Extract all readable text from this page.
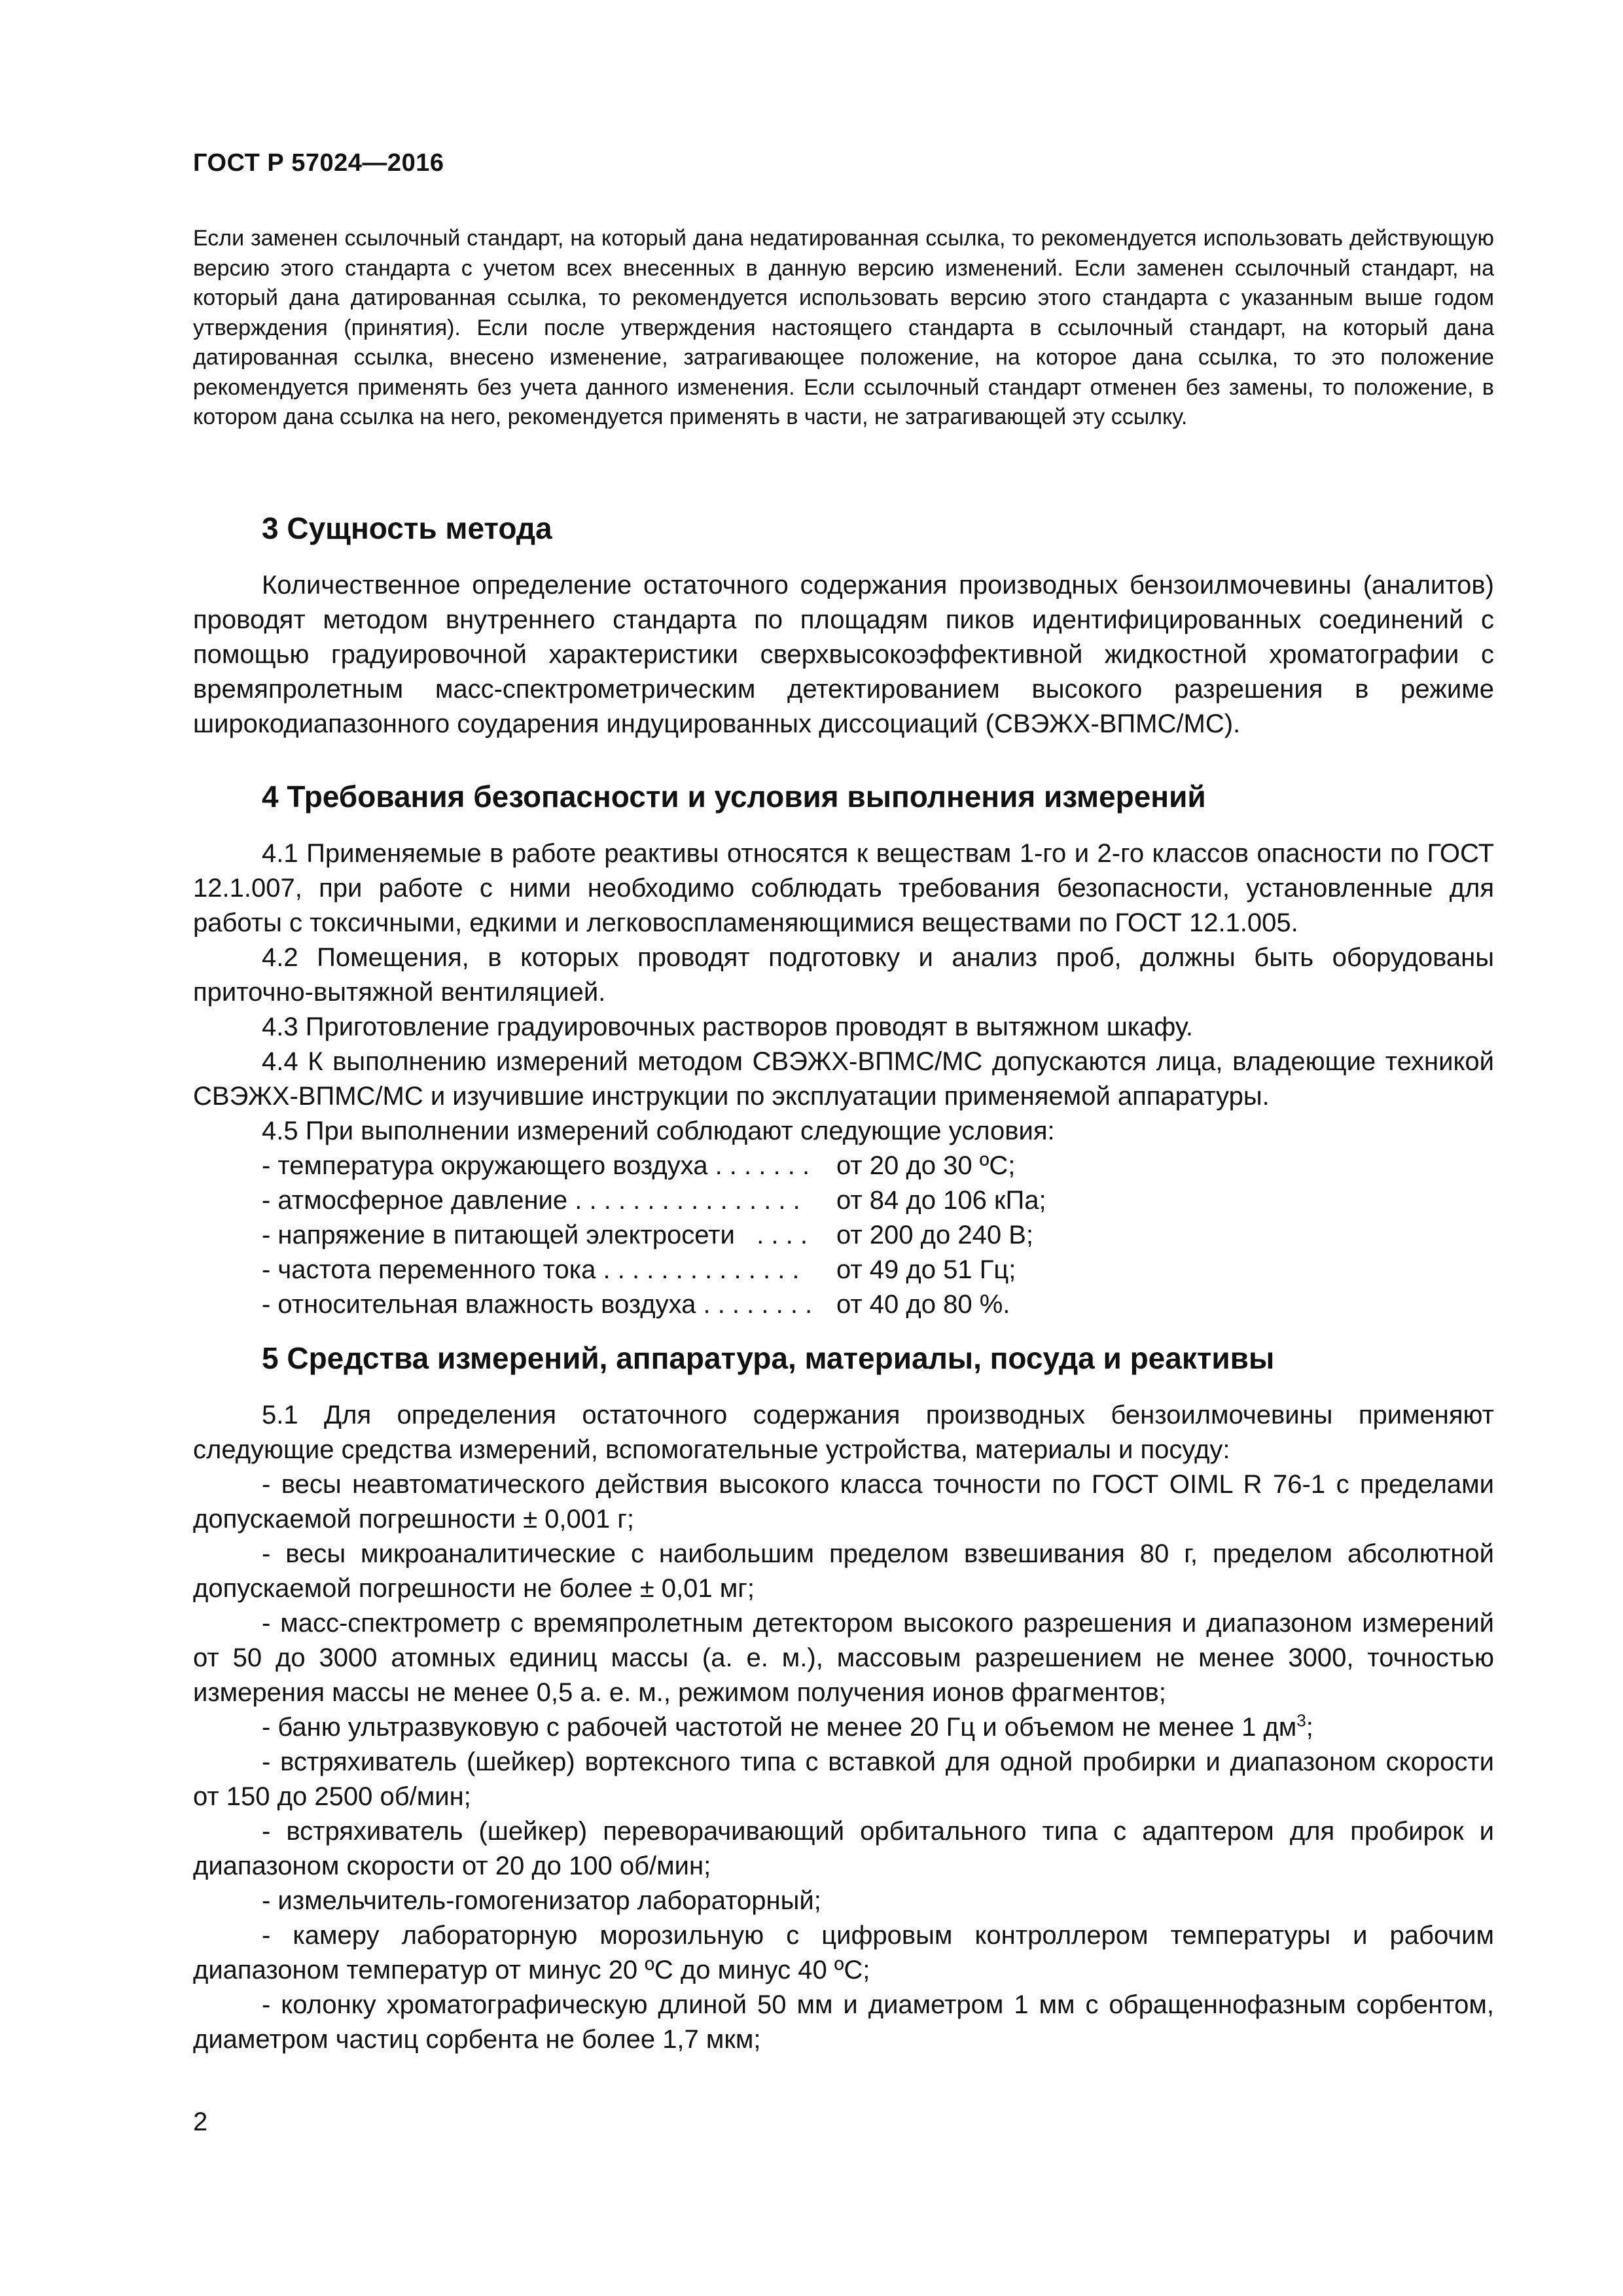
ГОСТ Р 57024—2016

Если заменен ссылочный стандарт, на который дана недатированная ссылка, то рекомендуется использовать действующую версию этого стандарта с учетом всех внесенных в данную версию изменений. Если заменен ссылочный стандарт, на который дана датированная ссылка, то рекомендуется использовать версию этого стандарта с указанным выше годом утверждения (принятия). Если после утверждения настоящего стандарта в ссылочный стандарт, на который дана датированная ссылка, внесено изменение, затрагивающее положение, на которое дана ссылка, то это положение рекомендуется применять без учета данного изменения. Если ссылочный стандарт отменен без замены, то положение, в котором дана ссылка на него, рекомендуется применять в части, не затрагивающей эту ссылку.

3 Сущность метода

Количественное определение остаточного содержания производных бензоилмочевины (аналитов) проводят методом внутреннего стандарта по площадям пиков идентифицированных соединений с помощью градуировочной характеристики сверхвысокоэффективной жидкостной хроматографии с времяпролетным масс-спектрометрическим детектированием высокого разрешения в режиме широкодиапазонного соударения индуцированных диссоциаций (СВЭЖХ-ВПМС/МС).

4 Требования безопасности и условия выполнения измерений

4.1 Применяемые в работе реактивы относятся к веществам 1-го и 2-го классов опасности по ГОСТ 12.1.007, при работе с ними необходимо соблюдать требования безопасности, установленные для работы с токсичными, едкими и легковоспламеняющимися веществами по ГОСТ 12.1.005.

4.2 Помещения, в которых проводят подготовку и анализ проб, должны быть оборудованы приточно-вытяжной вентиляцией.

4.3 Приготовление градуировочных растворов проводят в вытяжном шкафу.

4.4 К выполнению измерений методом СВЭЖХ-ВПМС/МС допускаются лица, владеющие техникой СВЭЖХ-ВПМС/МС и изучившие инструкции по эксплуатации применяемой аппаратуры.

4.5 При выполнении измерений соблюдают следующие условия:

- температура окружающего воздуха . . . . . . .	от 20 до 30 ºС;
- атмосферное давление . . . . . . . . . . . . . . . .	от 84 до 106 кПа;
- напряжение в питающей электросети   . . . .	от 200 до 240 В;
- частота переменного тока . . . . . . . . . . . . . .	от 49 до 51 Гц;
- относительная влажность воздуха . . . . . . . . от 40 до 80 %.
5 Средства измерений, аппаратура, материалы, посуда и реактивы

5.1 Для определения остаточного содержания производных бензоилмочевины применяют следующие средства измерений, вспомогательные устройства, материалы и посуду:

- весы неавтоматического действия высокого класса точности по ГОСТ OIML R 76-1 с пределами допускаемой погрешности ± 0,001 г;

- весы микроаналитические с наибольшим пределом взвешивания 80 г, пределом абсолютной допускаемой погрешности не более ± 0,01 мг;

- масс-спектрометр с времяпролетным детектором высокого разрешения и диапазоном измерений от 50 до 3000 атомных единиц массы (а. е. м.), массовым разрешением не менее 3000, точностью измерения массы не менее 0,5 а. е. м., режимом получения ионов фрагментов;

- баню ультразвуковую с рабочей частотой не менее 20 Гц и объемом не менее 1 $дм^3$;

- встряхиватель (шейкер) вортексного типа с вставкой для одной пробирки и диапазоном скорости от 150 до 2500 об/мин;

- встряхиватель (шейкер) переворачивающий орбитального типа с адаптером для пробирок и диапазоном скорости от 20 до 100 об/мин;

- измельчитель-гомогенизатор лабораторный;

- камеру лабораторную морозильную с цифровым контроллером температуры и рабочим диапазоном температур от минус 20 ºС до минус 40 ºС;

- колонку хроматографическую длиной 50 мм и диаметром 1 мм с обращеннофазным сорбентом, диаметром частиц сорбента не более 1,7 мкм;

2
